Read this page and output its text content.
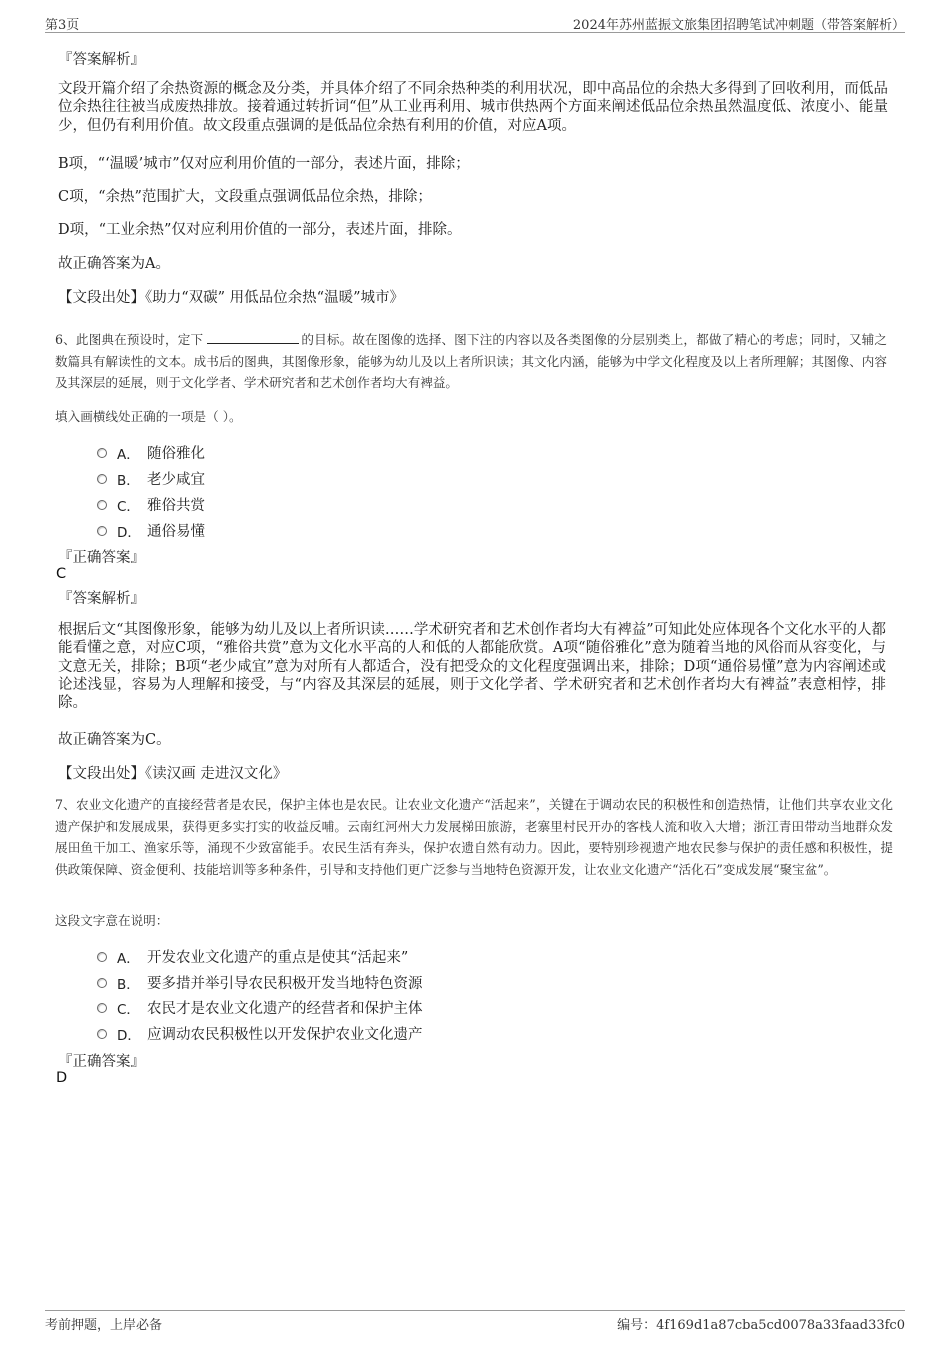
第3页	2024年苏州蓝振文旅集团招聘笔试冲刺题（带答案解析）
『答案解析』
文段开篇介绍了余热资源的概念及分类，并具体介绍了不同余热种类的利用状况，即中高品位的余热大多得到了回收利用，而低品位余热往往被当成废热排放。接着通过转折词“但”从工业再利用、城市供热两个方面来阐述低品位余热虽然温度低、浓度小、能量少，但仍有利用价值。故文段重点强调的是低品位余热有利用的价值，对应A项。
B项，“‘温暖’城市”仅对应利用价值的一部分，表述片面，排除；
C项，“余热”范围扩大，文段重点强调低品位余热，排除；
D项，“工业余热”仅对应利用价值的一部分，表述片面，排除。
故正确答案为A。
【文段出处】《助力“双碳” 用低品位余热“温暖”城市》
6、此图典在预设时，定下	的目标。故在图像的选择、图下注的内容以及各类图像的分层别类上，都做了精心的考虑；同时，又辅之数篇具有解读性的文本。成书后的图典，其图像形象，能够为幼儿及以上者所识读；其文化内涵，能够为中学文化程度及以上者所理解；其图像、内容及其深层的延展，则于文化学者、学术研究者和艺术创作者均大有裨益。
填入画横线处正确的一项是（ ）。
A． 随俗雅化
B． 老少咸宜
C． 雅俗共赏
D． 通俗易懂
『正确答案』
C
『答案解析』
根据后文“其图像形象，能够为幼儿及以上者所识读……学术研究者和艺术创作者均大有裨益”可知此处应体现各个文化水平的人都能看懂之意，对应C项，“雅俗共赏”意为文化水平高的人和低的人都能欣赏。A项“随俗雅化”意为随着当地的风俗而从容变化，与文意无关，排除；B项“老少咸宜”意为对所有人都适合，没有把受众的文化程度强调出来，排除；D项“通俗易懂”意为内容阐述或论述浅显，容易为人理解和接受，与“内容及其深层的延展，则于文化学者、学术研究者和艺术创作者均大有裨益”表意相悖，排除。
故正确答案为C。
【文段出处】《读汉画 走进汉文化》
7、农业文化遗产的直接经营者是农民，保护主体也是农民。让农业文化遗产“活起来”，关键在于调动农民的积极性和创造热情，让他们共享农业文化遗产保护和发展成果，获得更多实打实的收益反哺。云南红河州大力发展梯田旅游，老寨里村民开办的客栈人流和收入大增；浙江青田带动当地群众发展田鱼干加工、渔家乐等，涌现不少致富能手。农民生活有奔头，保护农遗自然有动力。因此，要特别珍视遗产地农民参与保护的责任感和积极性，提供政策保障、资金便利、技能培训等多种条件，引导和支持他们更广泛参与当地特色资源开发，让农业文化遗产“活化石”变成发展“聚宝盆”。
这段文字意在说明：
A． 开发农业文化遗产的重点是使其“活起来”
B． 要多措并举引导农民积极开发当地特色资源
C． 农民才是农业文化遗产的经营者和保护主体
D． 应调动农民积极性以开发保护农业文化遗产
『正确答案』
D
考前押题，上岸必备	编号：4f169d1a87cba5cd0078a33faad33fc0
